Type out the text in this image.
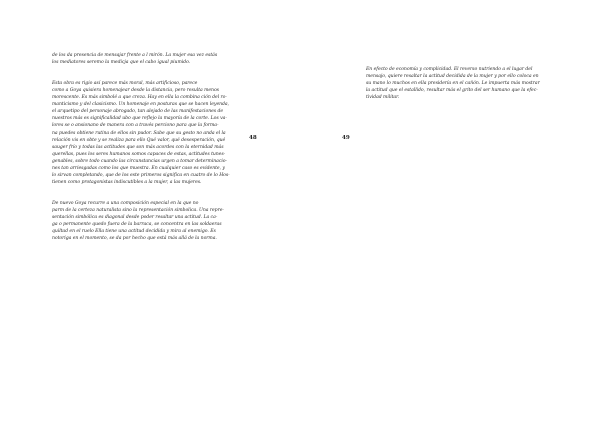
de los da presencia de mensajar frente a l mirón. La mujer esa vez estás
los mediatores seremo la medicja que el cabo igual piumido.

Esta obra es rigio así parece más moral, más artificioso, parece
como a Goya quisiera homenajear desde la distancia, pero resulta menos
morescente. Es más simbolé a que creza. Hay en ella la combina ción del ro-
manticismo y del clasicismo. Un homenaje en posturas que se hacen leyenda,
el arquetipo del personaje abrogado, tan alejado de las manifestaciones de
nuestros más es significalidad ubo que reflejo la mayoría de la corte. Los va-
lores se o ansionano de manera con a través perciono para que la forma-
na puedes obtiene rutina de ellos sin pudor. Sabe que su gesto no anda el la
relación vis en obte y se realiza para ello Qué valor, qué desesperación, qué
sauger frío y todas las actitudes que son más acordes con la eternidad más
querellas, pues los seres humanos somos capaces de estas, actitudes tunes-
genables, sobre todo cuando las circunstancias urgen a tomar determinacio-
nes tan arriesgadas como los que muestra. En cualquier caso es evidente, y
lo sirvan completando, que de los este primeros significa en cuatro de lo Hos-
tienen como protagonistas indiscutibles a la mujer, a las mujeres.

De nuevo Goya recurre a una composición especial en la que no
parm de la certeza naturalista sino la representación simbolica. Una repre-
sentación simbólica es diagonal desde poder resaltar una actitud. La ca-
ga o permanente quedo fuera de la barraca, se concentra en las soldaeras
quiltad en el ruelo Ella tiene una actitud decidida y mira al enemigo. Es
notoriga en el momento, se da por hecho que está más allá de la norma.

48	49

En efecto de economía y complicidad. El reverso nutriendo a el lugar del
mensajo, quiere resaltar la actitud decidida de la mujer y por ello coloca en
su mano lo muchos en ella presidería en el cañón. Le impuerta más mostrar
la actitud que el estallido, resultar más el grito del ser humano que la efec-
tividad militar.
